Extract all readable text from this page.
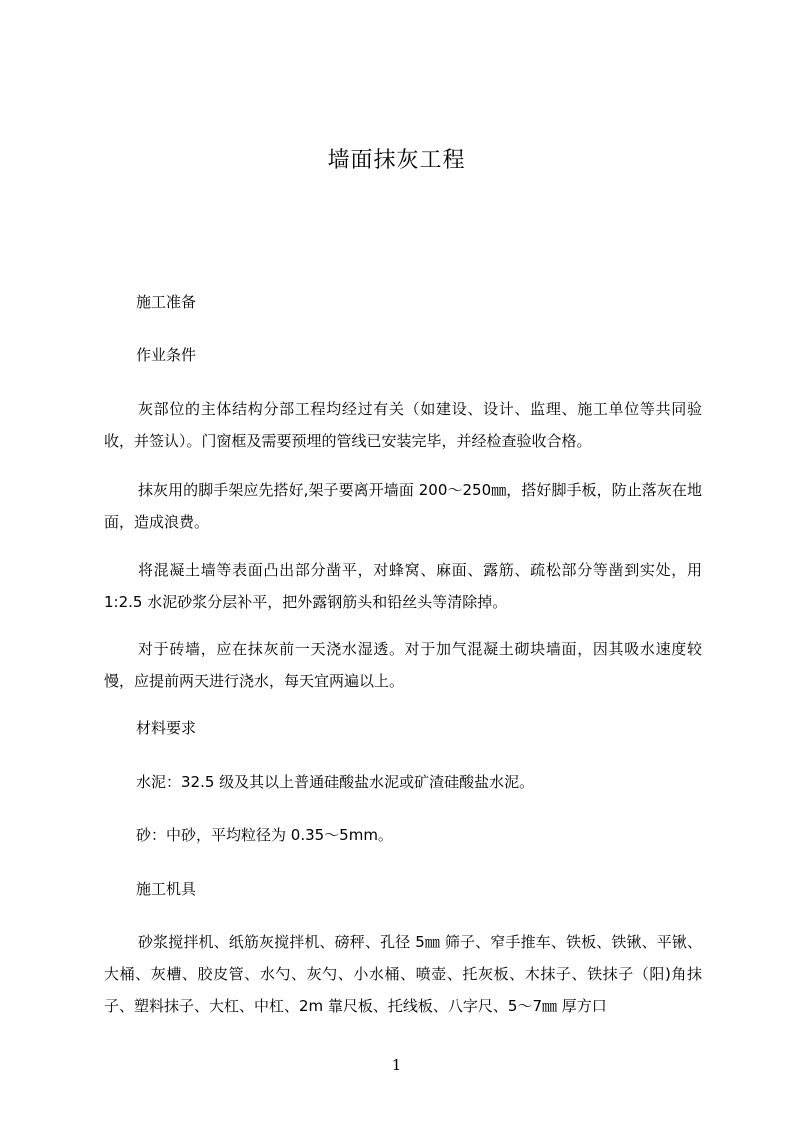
墙面抹灰工程
施工准备
作业条件
灰部位的主体结构分部工程均经过有关（如建设、设计、监理、施工单位等共同验收，并签认）。门窗框及需要预埋的管线已安装完毕，并经检查验收合格。
抹灰用的脚手架应先搭好,架子要离开墙面 200～250㎜，搭好脚手板，防止落灰在地面，造成浪费。
将混凝土墙等表面凸出部分凿平，对蜂窝、麻面、露筋、疏松部分等凿到实处，用 1:2.5 水泥砂浆分层补平，把外露钢筋头和铅丝头等清除掉。
对于砖墙，应在抹灰前一天浇水湿透。对于加气混凝土砌块墙面，因其吸水速度较慢，应提前两天进行浇水，每天宜两遍以上。
材料要求
水泥：32.5 级及其以上普通硅酸盐水泥或矿渣硅酸盐水泥。
砂：中砂，平均粒径为 0.35～5mm。
施工机具
砂浆搅拌机、纸筋灰搅拌机、磅秤、孔径 5㎜ 筛子、窄手推车、铁板、铁锹、平锹、大桶、灰槽、胶皮管、水勺、灰勺、小水桶、喷壶、托灰板、木抹子、铁抹子（阳)角抹子、塑料抹子、大杠、中杠、2m 靠尺板、托线板、八字尺、5～7㎜ 厚方口
1
